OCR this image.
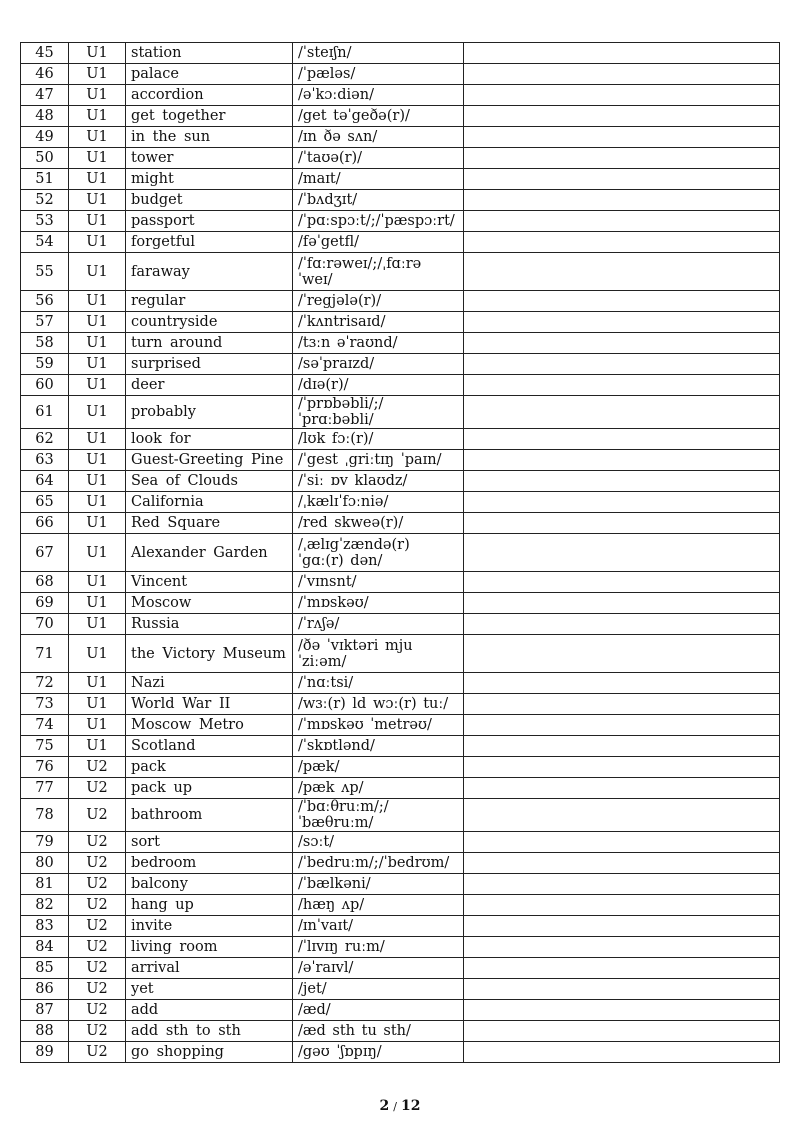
45	U1	station	/ˈsteɪʃn/	
46	U1	palace	/ˈpæləs/	
47	U1	accordion	/əˈkɔːdiən/	
48	U1	get together	/get təˈgeðə(r)/	
49	U1	in the sun	/ɪn ðə sʌn/	
50	U1	tower	/ˈtaʊə(r)/	
51	U1	might	/maɪt/	
52	U1	budget	/ˈbʌdʒɪt/	
53	U1	passport	/ˈpɑːspɔːt/;/ˈpæspɔːrt/	
54	U1	forgetful	/fəˈgetfl/	
55	U1	faraway	/ˈfɑːrəweɪ/;/ˌfɑːrə ˈweɪ/	
56	U1	regular	/ˈregjələ(r)/	
57	U1	countryside	/ˈkʌntrisaɪd/	
58	U1	turn around	/tɜːn əˈraʊnd/	
59	U1	surprised	/səˈpraɪzd/	
60	U1	deer	/dɪə(r)/	
61	U1	probably	/ˈprɒbəbli/;/ˈprɑːbəbli/	
62	U1	look for	/lʊk fɔː(r)/	
63	U1	Guest-Greeting Pine	/ˈgest ˌgriːtɪŋ ˈpaɪn/	
64	U1	Sea of Clouds	/ˈsiː ɒv klaʊdz/	
65	U1	California	/ˌkælɪˈfɔːniə/	
66	U1	Red Square	/red skweə(r)/	
67	U1	Alexander Garden	/ˌælɪgˈzændə(r) ˈgɑː(r) dən/	
68	U1	Vincent	/ˈvɪnsnt/	
69	U1	Moscow	/ˈmɒskəʊ/	
70	U1	Russia	/ˈrʌʃə/	
71	U1	the Victory Museum	/ðə ˈvɪktəri mju ˈziːəm/	
72	U1	Nazi	/ˈnɑːtsi/	
73	U1	World War II	/wɜː(r) ld wɔː(r) tuː/	
74	U1	Moscow Metro	/ˈmɒskəʊ ˈmetrəʊ/	
75	U1	Scotland	/ˈskɒtlənd/	
76	U2	pack	/pæk/	
77	U2	pack up	/pæk ʌp/	
78	U2	bathroom	/ˈbɑːθruːm/;/ˈbæθruːm/	
79	U2	sort	/sɔːt/	
80	U2	bedroom	/ˈbedruːm/;/ˈbedrʊm/	
81	U2	balcony	/ˈbælkəni/	
82	U2	hang up	/hæŋ ʌp/	
83	U2	invite	/ɪnˈvaɪt/	
84	U2	living room	/ˈlɪvɪŋ ruːm/	
85	U2	arrival	/əˈraɪvl/	
86	U2	yet	/jet/	
87	U2	add	/æd/	
88	U2	add sth to sth	/æd sth tu sth/	
89	U2	go shopping	/gəʊ ˈʃɒpɪŋ/	
2 / 12
